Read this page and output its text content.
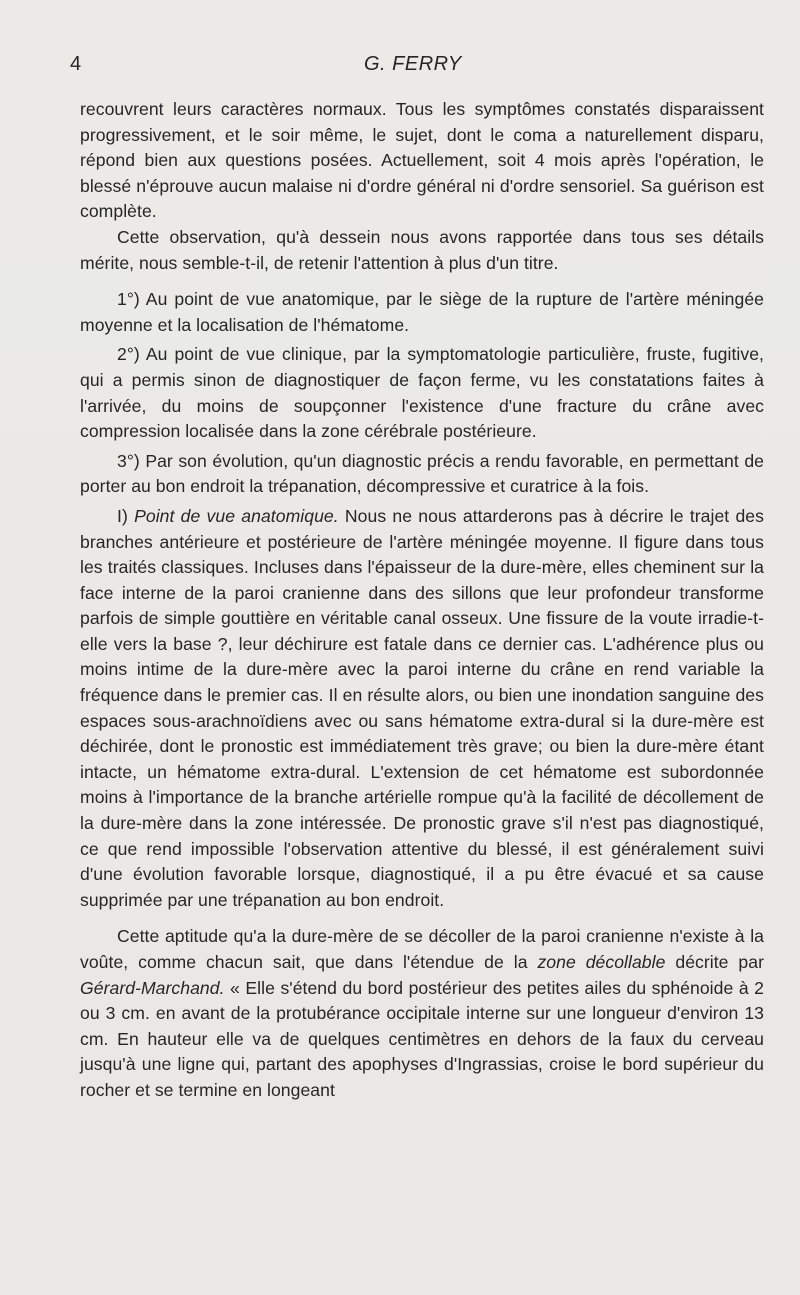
4	G. FERRY

recouvrent leurs caractères normaux. Tous les symptômes constatés disparaissent progressivement, et le soir même, le sujet, dont le coma a naturellement disparu, répond bien aux questions posées. Actuellement, soit 4 mois après l'opération, le blessé n'éprouve aucun malaise ni d'ordre général ni d'ordre sensoriel. Sa guérison est complète.

Cette observation, qu'à dessein nous avons rapportée dans tous ses détails mérite, nous semble-t-il, de retenir l'attention à plus d'un titre.

1°) Au point de vue anatomique, par le siège de la rupture de l'artère méningée moyenne et la localisation de l'hématome.

2°) Au point de vue clinique, par la symptomatologie particulière, fruste, fugitive, qui a permis sinon de diagnostiquer de façon ferme, vu les constatations faites à l'arrivée, du moins de soupçonner l'existence d'une fracture du crâne avec compression localisée dans la zone cérébrale postérieure.

3°) Par son évolution, qu'un diagnostic précis a rendu favorable, en permettant de porter au bon endroit la trépanation, décompressive et curatrice à la fois.

I) Point de vue anatomique. Nous ne nous attarderons pas à décrire le trajet des branches antérieure et postérieure de l'artère méningée moyenne. Il figure dans tous les traités classiques. Incluses dans l'épaisseur de la dure-mère, elles cheminent sur la face interne de la paroi cranienne dans des sillons que leur profondeur transforme parfois de simple gouttière en véritable canal osseux. Une fissure de la voute irradie-t-elle vers la base ?, leur déchirure est fatale dans ce dernier cas. L'adhérence plus ou moins intime de la dure-mère avec la paroi interne du crâne en rend variable la fréquence dans le premier cas. Il en résulte alors, ou bien une inondation sanguine des espaces sous-arachnoïdiens avec ou sans hématome extra-dural si la dure-mère est déchirée, dont le pronostic est immédiatement très grave; ou bien la dure-mère étant intacte, un hématome extra-dural. L'extension de cet hématome est subordonnée moins à l'importance de la branche artérielle rompue qu'à la facilité de décollement de la dure-mère dans la zone intéressée. De pronostic grave s'il n'est pas diagnostiqué, ce que rend impossible l'observation attentive du blessé, il est généralement suivi d'une évolution favorable lorsque, diagnostiqué, il a pu être évacué et sa cause supprimée par une trépanation au bon endroit.

Cette aptitude qu'a la dure-mère de se décoller de la paroi cranienne n'existe à la voûte, comme chacun sait, que dans l'étendue de la zone décollable décrite par Gérard-Marchand. « Elle s'étend du bord postérieur des petites ailes du sphénoide à 2 ou 3 cm. en avant de la protubérance occipitale interne sur une longueur d'environ 13 cm. En hauteur elle va de quelques centimètres en dehors de la faux du cerveau jusqu'à une ligne qui, partant des apophyses d'Ingrassias, croise le bord supérieur du rocher et se termine en longeant
